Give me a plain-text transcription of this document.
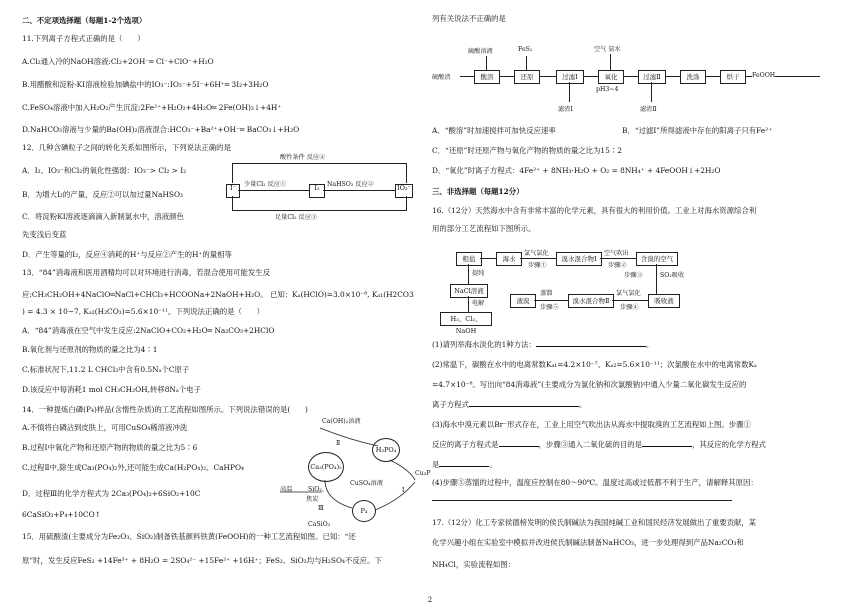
二、不定项选择题（每题1-2个选项）
11.下列离子方程式正确的是（　　）
A.Cl₂通入冷的NaOH溶液:Cl₂+2OH⁻═ Cl⁻+ClO⁻+H₂O
B.用醋酸和淀粉-KI溶液检验加碘盐中的IO₃⁻:IO₃⁻+5I⁻+6H⁺═ 3I₂+3H₂O
C.FeSO₄溶液中加入H₂O₂产生沉淀:2Fe²⁺+H₂O₂+4H₂O═ 2Fe(OH)₃↓+4H⁺
D.NaHCO₃溶液与少量的Ba(OH)₂溶液混合:HCO₃⁻+Ba²⁺+OH⁻═ BaCO₃↓+H₂O
12．几种含碘粒子之间的转化关系如图所示，下列说法正确的是
A．I₂、IO₃⁻和Cl₂的氧化性强弱：IO₃⁻> Cl₂ > I₂
B．为增大I₂的产量，反应②可以加过量NaHSO₃
C．将淀粉KI溶液逐滴滴入新制氯水中，溶液颜色
先变浅后变蓝
D．产生等量的I₂，反应④消耗的H⁺与反应②产生的H⁺的量相等
13．“84”消毒液和医用酒精均可以对环境进行消毒，若混合使用可能发生反
应:CH₃CH₂OH+4NaClO═NaCl+CHCl₃+HCOONa+2NaOH+H₂O。 已知：Kₐ(HClO)=3.0×10⁻⁸, Kₐ₁(H2CO3
) = 4.3 × 10−7, Kₐ₂(H₂CO₃)=5.6×10⁻¹¹。下列说法正确的是（　　）
A．“84”消毒液在空气中发生反应:2NaClO+CO₂+H₂O═ Na₂CO₃+2HClO
B.氧化剂与还原剂的物质的量之比为4∶1
C.标准状况下,11.2 L CHCl₃中含有0.5Nₐ个C原子
D.该反应中每消耗1 mol CH₃CH₂OH,转移8Nₐ个电子
14．一种提炼白磷(P₄)样品(含惰性杂质)的工艺流程如图所示。下列说法错误的是(　　)
A.不慎将白磷沾到皮肤上，可用CuSO₄稀溶液冲洗
B.过程Ⅰ中氧化产物和还原产物的物质的量之比为5∶6
C.过程Ⅱ中,除生成Ca₃(PO₄)₂外,还可能生成Ca(H₂PO₄)₂、CaHPO₄
D．过程Ⅲ的化学方程式为 2Ca₃(PO₄)₂+6SiO₂+10C
6CaSiO₃+P₄+10CO↑
15．用硫酸渣(主要成分为Fe₂O₃、SiO₂)制备铁基颜料铁黄(FeOOH)的一种工艺流程如图。已知：“还
原”时，发生反应FeS₂ +14Fe³⁺ + 8H₂O = 2SO₄²⁻ +15Fe²⁺ +16H⁺；FeS₂、SiO₂均与H₂SO₄不反应。下
酸性条件 反应④
I⁻	I₂	IO₃⁻
少量Cl₂ 反应①	NaHSO₃ 反应②
足量Cl₂ 反应③
Ca(OH)₂溶液
Ca₃(PO₄)₂
H₃PO₄
CuSO₄溶液
Cu₃P
P₄
高温	SiO₂、
焦炭
CaSiO₃
Ⅱ
Ⅲ
Ⅰ
列有关说法不正确的是
A．“酸溶”时加速搅拌可加快反应速率	B．“过滤Ⅰ”所得滤液中存在的阳离子只有Fe²⁺
C．“还原”时还原产物与氧化产物的物质的量之比为15∶2
D．“氧化”时离子方程式：4Fe²⁺ + 8NH₃·H₂O + O₂ = 8NH₄⁺ + 4FeOOH↓+2H₂O
三、非选择题（每题12分）
16.（12分）天然海水中含有非常丰富的化学元素，具有很大的利用价值。工业上对海水资源综合利
用的部分工艺流程如下图所示。
(1)请列举海水淡化的1种方法：	。
(2)常温下，碳酸在水中的电离常数Kₐ₁=4.2×10⁻⁷、Kₐ₂=5.6×10⁻¹¹；次氯酸在水中的电离常数Kₐ
=4.7×10⁻⁸。写出向“84消毒液”(主要成分为氯化钠和次氯酸钠)中通入少量二氧化碳发生反应的
离子方程式	。
(3)海水中溴元素以Br⁻形式存在，工业上用空气吹出法从海水中提取溴的工艺流程如上图。步骤①
反应的离子方程式是	，步骤③通入二氧化硫的目的是	，其反应的化学方程式
是	。
(4)步骤⑤蒸馏的过程中，温度应控制在80～90℃。温度过高或过低都不利于生产，请解释其原因：
17.（12分）化工专家侯德榜发明的侯氏制碱法为我国纯碱工业和国民经济发展做出了重要贡献，某
化学兴趣小组在实验室中模拟并改进侯氏制碱法制备NaHCO₃，进一步处理得到产品Na₂CO₃和
NH₄Cl，实验流程如图：
硫酸溶液	FeS₂	空气 氨水
硫酸渣	酸溶	还原	过滤Ⅰ	氧化	过滤Ⅱ	洗涤	烘干	FeOOH
pH3~4
滤渣Ⅰ	滤渣Ⅱ
粗盐	海水
氯气氯化
步骤①
溴水混合物Ⅰ
空气吹出
步骤②
含溴的空气
步骤③	SO₂吸收
提纯
NaCl溶液
电解
H₂、Cl₂、NaOH
液溴
蒸馏
步骤⑤
溴水混合物Ⅱ
氯气氯化
步骤④
吸收液
2
